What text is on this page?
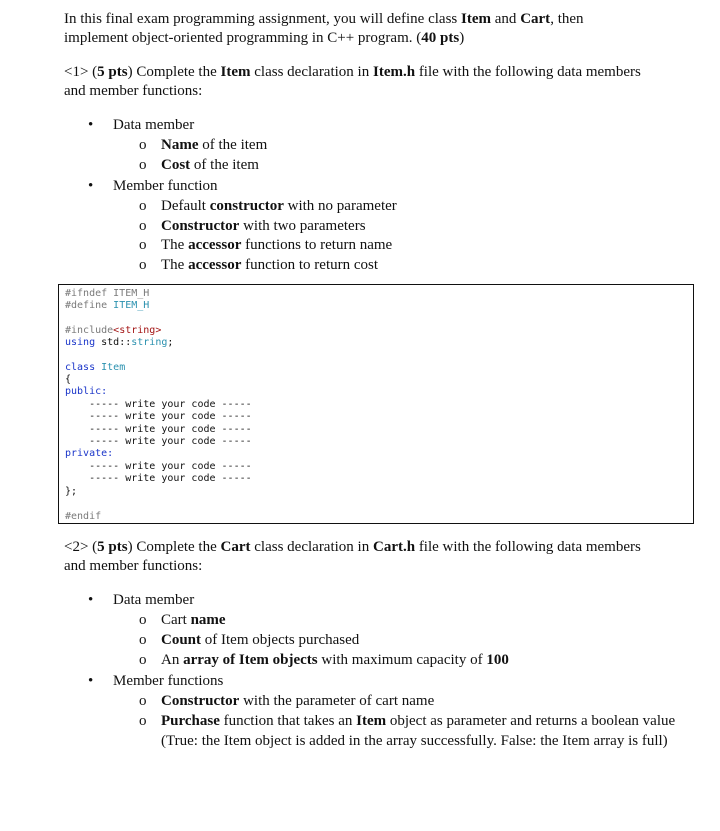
In this final exam programming assignment, you will define class Item and Cart, then
implement object-oriented programming in C++ program. (40 pts)
<1> (5 pts) Complete the Item class declaration in Item.h file with the following data members
and member functions:
• Data member
o Name of the item
o Cost of the item
• Member function
o Default constructor with no parameter
o Constructor with two parameters
o The accessor functions to return name
o The accessor function to return cost
#ifndef ITEM_H
#define ITEM_H
#include<string>
using std::string;
class Item
{
public:
----- write your code -----
----- write your code -----
----- write your code -----
----- write your code -----
private:
----- write your code -----
----- write your code -----
};
#endif
<2> (5 pts) Complete the Cart class declaration in Cart.h file with the following data members
and member functions:
• Data member
o Cart name
o Count of Item objects purchased
o An array of Item objects with maximum capacity of 100
• Member functions
o Constructor with the parameter of cart name
o Purchase function that takes an Item object as parameter and returns a boolean value (True: the Item object is added in the array successfully. False: the Item array is full)
